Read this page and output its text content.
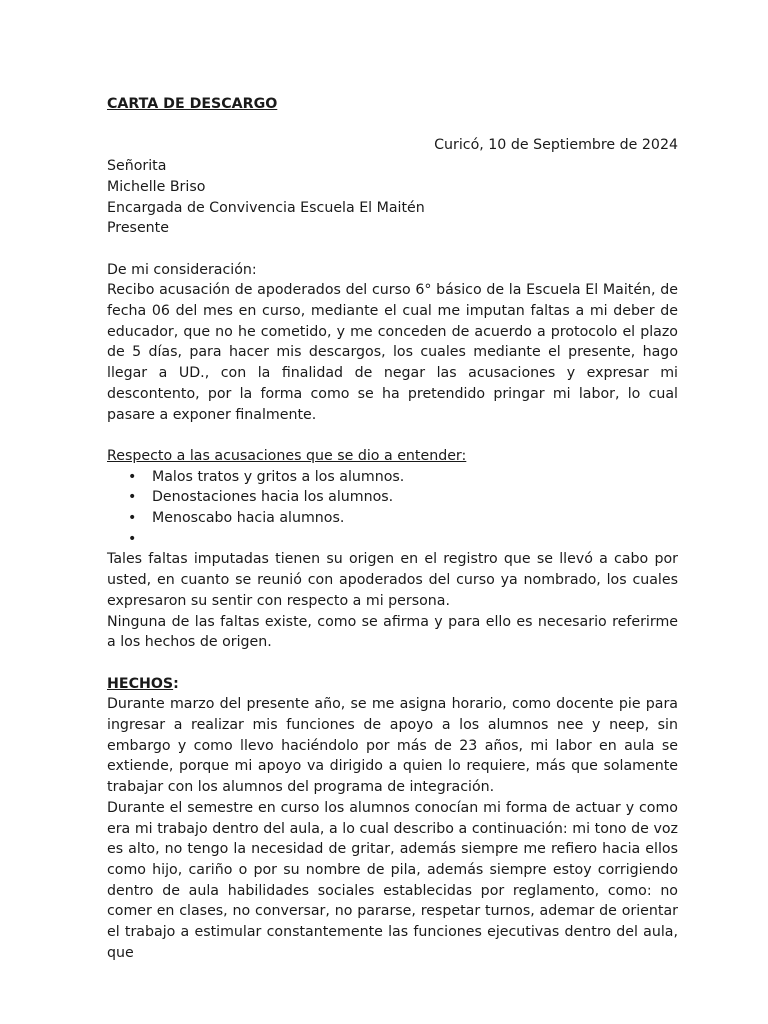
CARTA DE DESCARGO

Curicó, 10 de Septiembre de 2024
Señorita
Michelle Briso
Encargada de Convivencia Escuela El Maitén
Presente
De mi consideración:
Recibo acusación de apoderados del curso 6° básico de la Escuela El Maitén, de fecha 06 del mes en curso, mediante el cual me imputan faltas a mi deber de educador, que no he cometido, y me conceden de acuerdo a protocolo el plazo de 5 días, para hacer mis descargos, los cuales mediante el presente, hago llegar a UD., con la finalidad de negar las acusaciones y expresar mi descontento, por la forma como se ha pretendido pringar mi labor, lo cual pasare a exponer finalmente.
Respecto a las acusaciones que se dio a entender:
• Malos tratos y gritos a los alumnos.
• Denostaciones hacia los alumnos.
• Menoscabo hacia alumnos.
•
Tales faltas imputadas tienen su origen en el registro que se llevó a cabo por usted, en cuanto se reunió con apoderados del curso ya nombrado, los cuales expresaron su sentir con respecto a mi persona.
Ninguna de las faltas existe, como se afirma y para ello es necesario referirme a los hechos de origen.
HECHOS:
Durante marzo del presente año, se me asigna horario, como docente pie para ingresar a realizar mis funciones de apoyo a los alumnos nee y neep, sin embargo y como llevo haciéndolo por más de 23 años, mi labor en aula se extiende, porque mi apoyo va dirigido a quien lo requiere, más que solamente trabajar con los alumnos del programa de integración.
Durante el semestre en curso los alumnos conocían mi forma de actuar y como era mi trabajo dentro del aula, a lo cual describo a continuación: mi tono de voz es alto, no tengo la necesidad de gritar, además siempre me refiero hacia ellos como hijo, cariño o por su nombre de pila, además siempre estoy corrigiendo dentro de aula habilidades sociales establecidas por reglamento, como: no comer en clases, no conversar, no pararse, respetar turnos, ademar de orientar el trabajo a estimular constantemente las funciones ejecutivas dentro del aula, que
